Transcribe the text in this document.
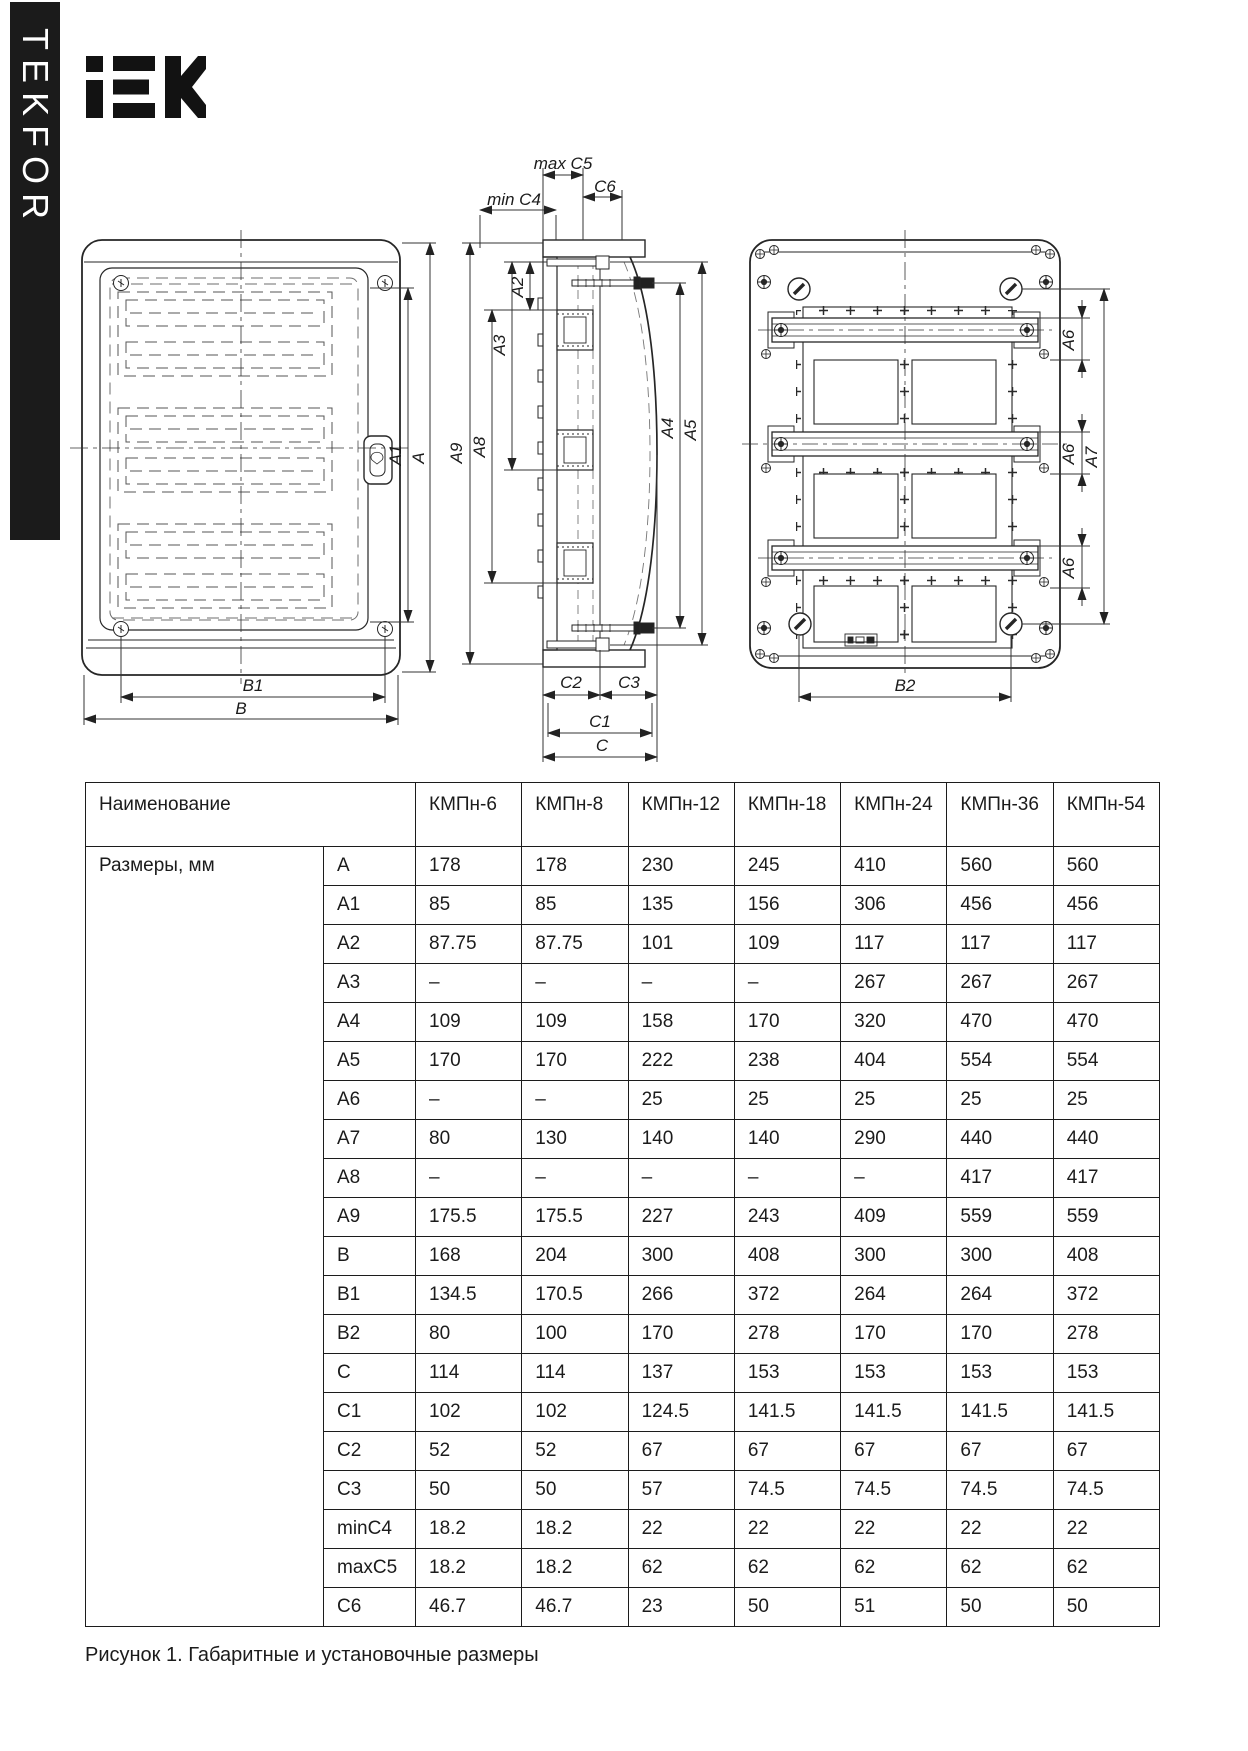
TEKFOR
A1 A
B1
B
max C5
C6
min C4
A9 A8
A3
A2
A4 A5
C2 C3
C1
C
A6
A6
A6
A7
B2
Наименование		КМПн-6	КМПн-8	КМПн-12	КМПн-18	КМПн-24	КМПн-36	КМПн-54
Размеры, мм	A	178	178	230	245	410	560	560
	A1	85	85	135	156	306	456	456
	A2	87.75	87.75	101	109	117	117	117
	A3	–	–	–	–	267	267	267
	A4	109	109	158	170	320	470	470
	A5	170	170	222	238	404	554	554
	A6	–	–	25	25	25	25	25
	A7	80	130	140	140	290	440	440
	A8	–	–	–	–	–	417	417
	A9	175.5	175.5	227	243	409	559	559
	B	168	204	300	408	300	300	408
	B1	134.5	170.5	266	372	264	264	372
	B2	80	100	170	278	170	170	278
	C	114	114	137	153	153	153	153
	C1	102	102	124.5	141.5	141.5	141.5	141.5
	C2	52	52	67	67	67	67	67
	C3	50	50	57	74.5	74.5	74.5	74.5
	minC4	18.2	18.2	22	22	22	22	22
	maxC5	18.2	18.2	62	62	62	62	62
	C6	46.7	46.7	23	50	51	50	50
Рисунок 1. Габаритные и установочные размеры
